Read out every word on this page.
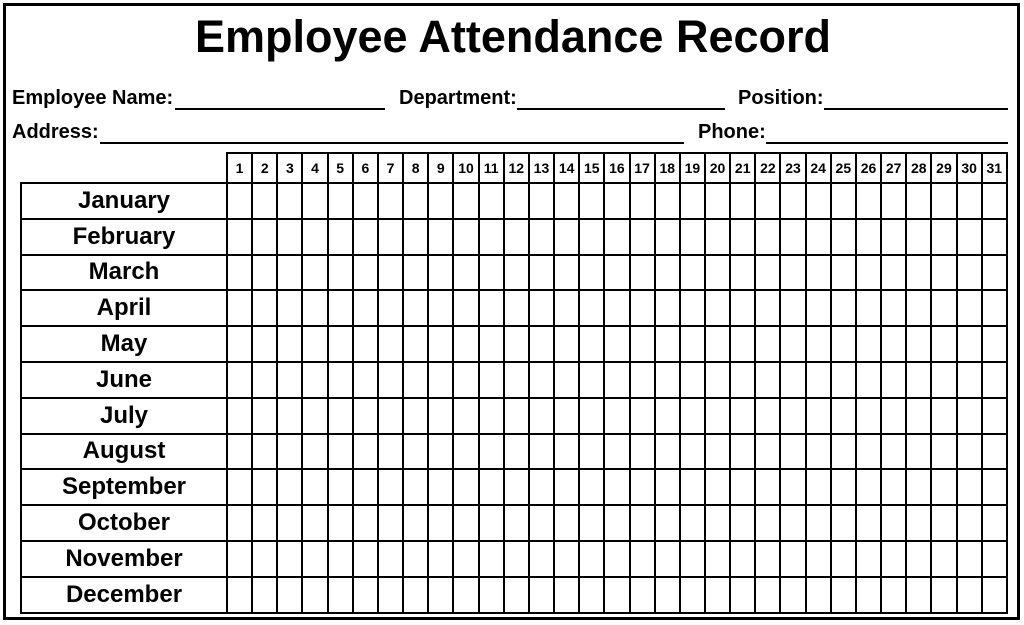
Employee Attendance Record
Employee Name:	Department:	Position:
Address:	Phone:
	1	2	3	4	5	6	7	8	9	10	11	12	13	14	15	16	17	18	19	20	21	22	23	24	25	26	27	28	29	30	31
January																															
February																															
March																															
April																															
May																															
June																															
July																															
August																															
September																															
October																															
November																															
December																															
